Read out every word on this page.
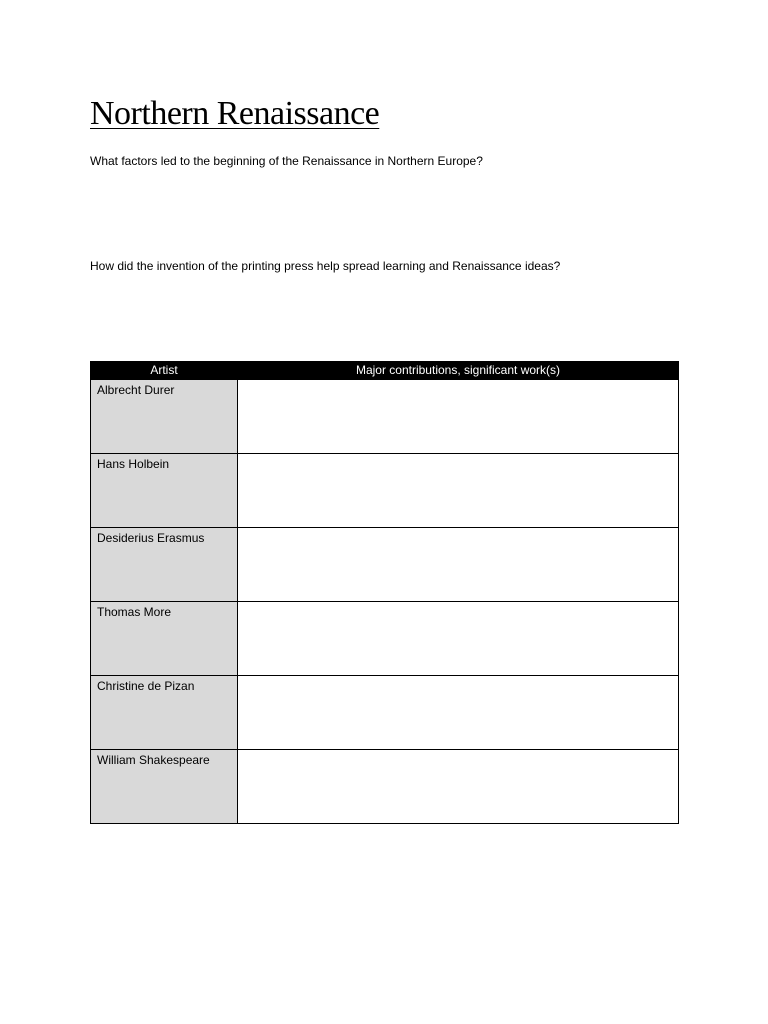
Northern Renaissance
What factors led to the beginning of the Renaissance in Northern Europe?
How did the invention of the printing press help spread learning and Renaissance ideas?
Artist	Major contributions, significant work(s)
Albrecht Durer	
Hans Holbein	
Desiderius Erasmus	
Thomas More	
Christine de Pizan	
William Shakespeare	
